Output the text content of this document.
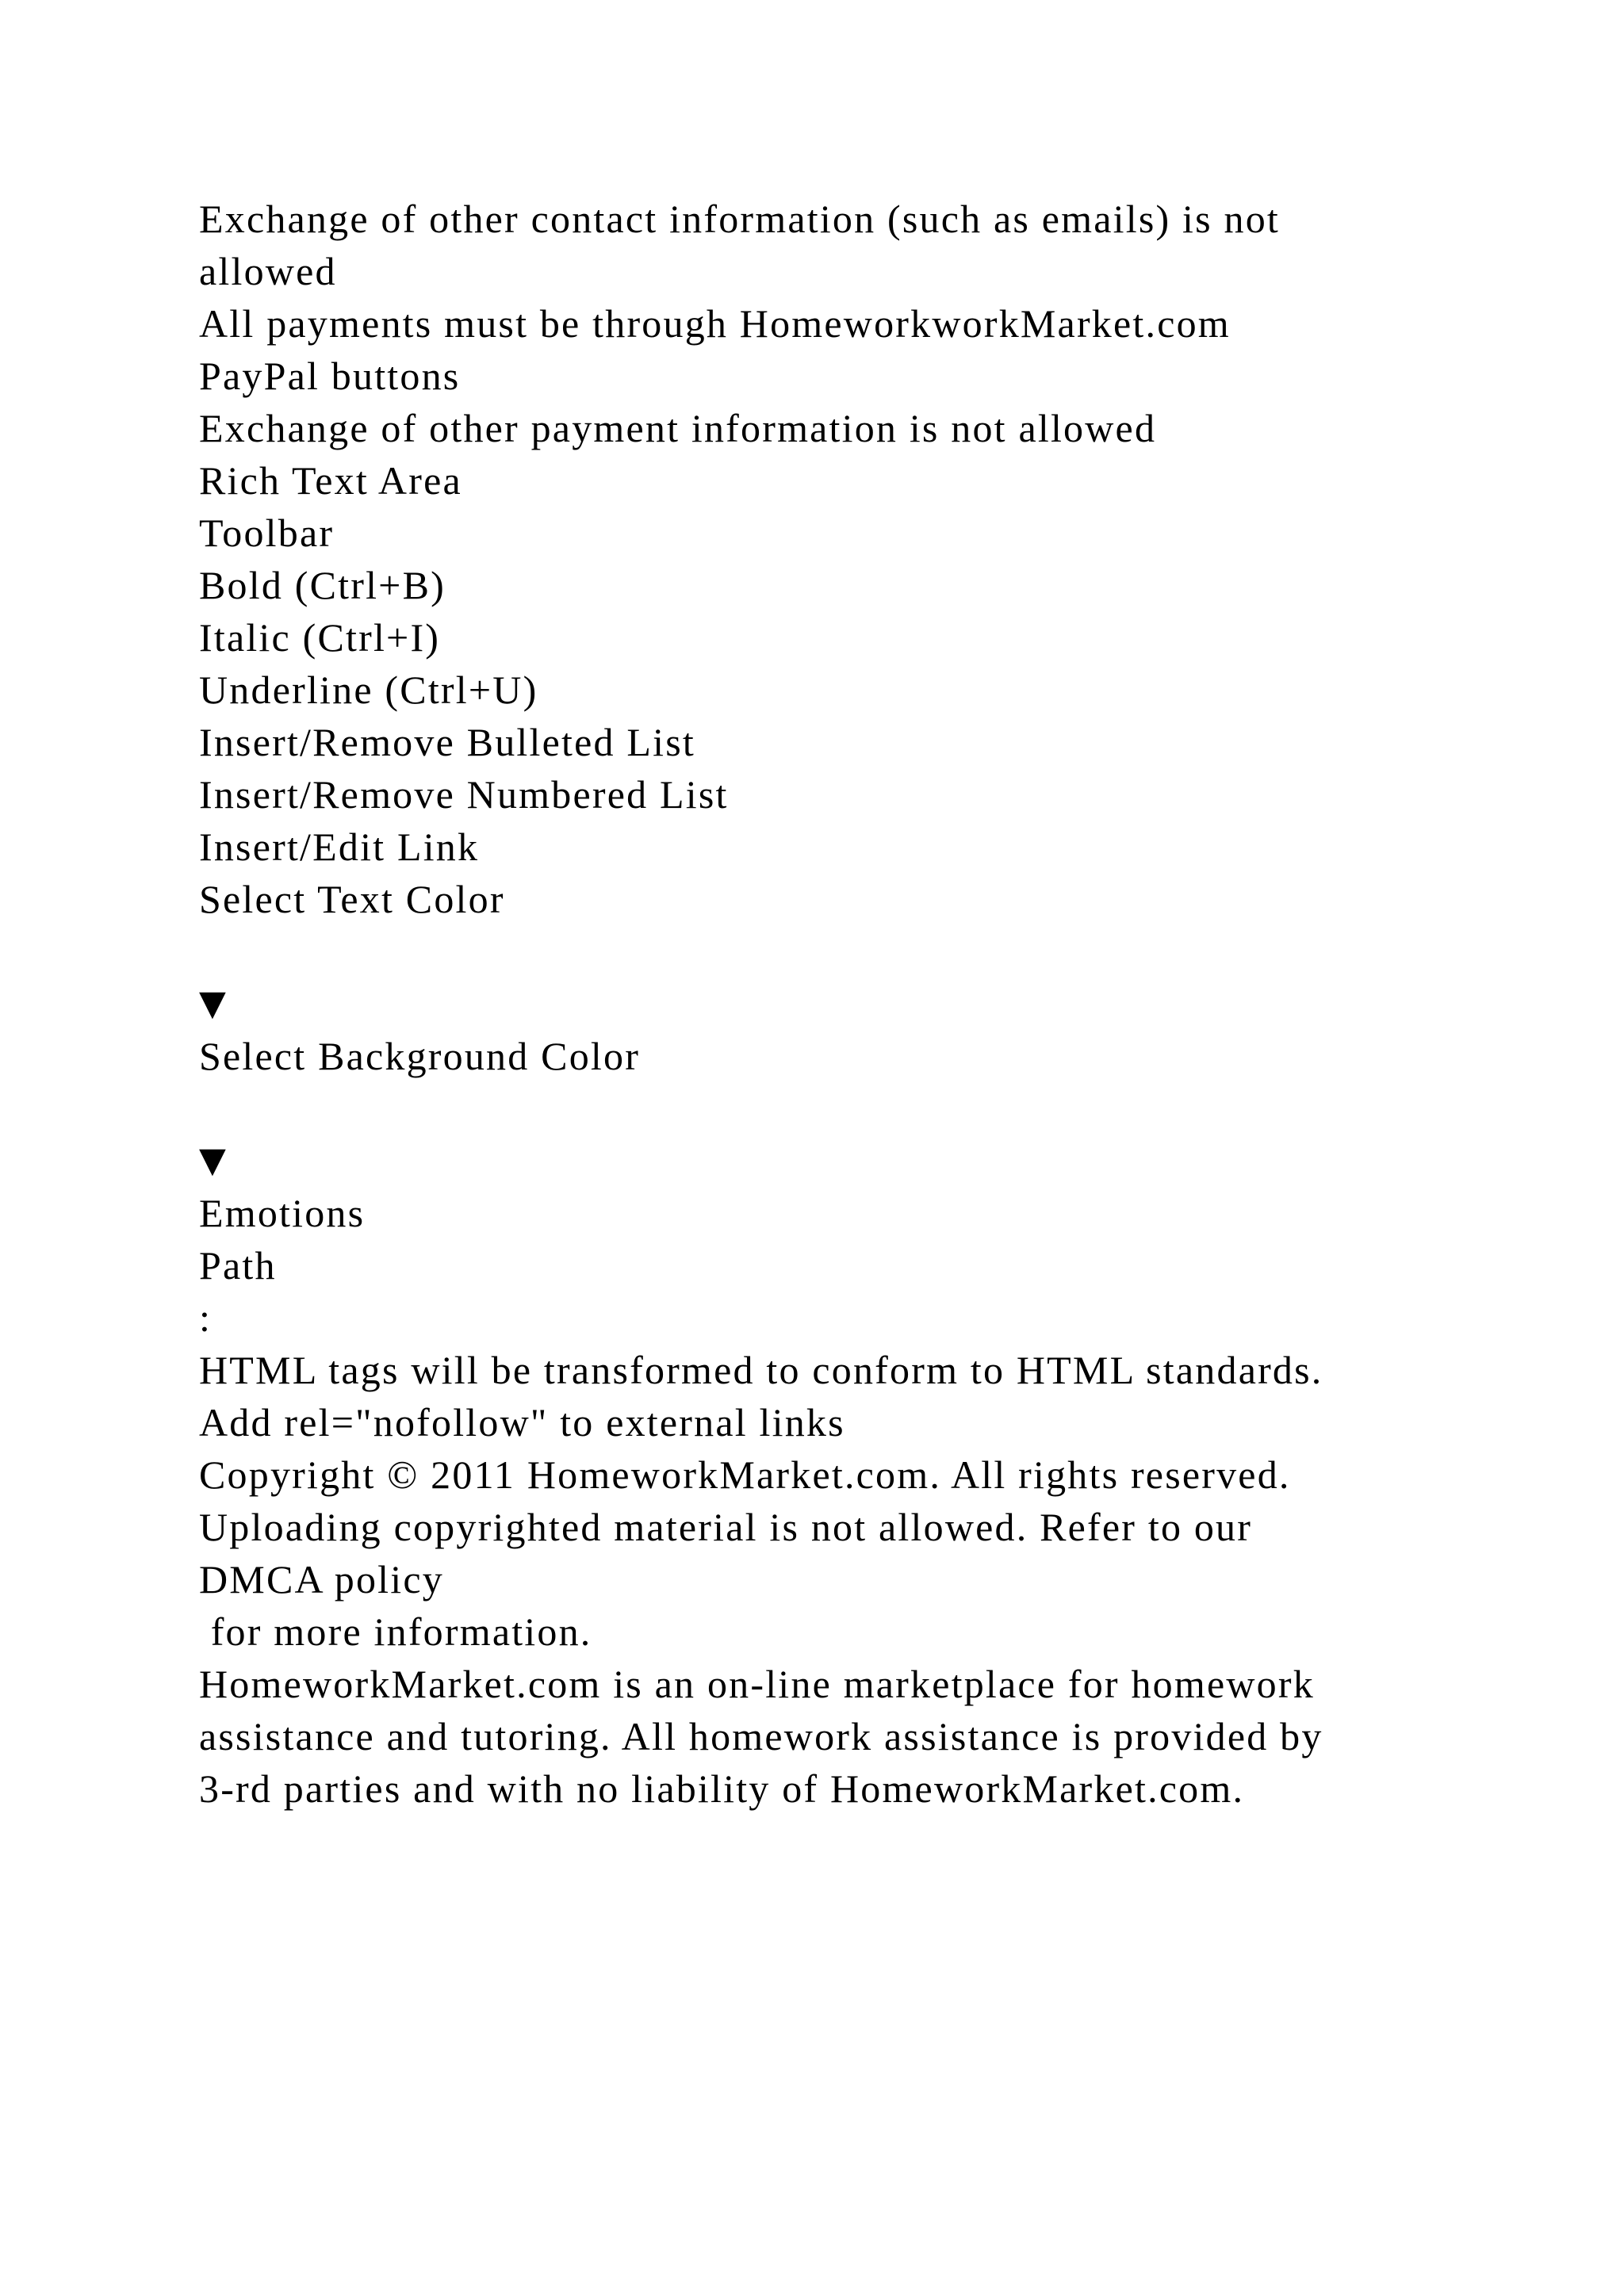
Exchange of other contact information (such as emails) is not
allowed
All payments must be through HomeworkworkMarket.com
PayPal buttons
Exchange of other payment information is not allowed
Rich Text Area
Toolbar
Bold (Ctrl+B)
Italic (Ctrl+I)
Underline (Ctrl+U)
Insert/Remove Bulleted List
Insert/Remove Numbered List
Insert/Edit Link
Select Text Color
▼
Select Background Color
▼
Emotions
Path
:
HTML tags will be transformed to conform to HTML standards.
Add rel="nofollow" to external links
Copyright © 2011 HomeworkMarket.com. All rights reserved.
Uploading copyrighted material is not allowed. Refer to our
DMCA policy
for more information.
HomeworkMarket.com is an on-line marketplace for homework
assistance and tutoring. All homework assistance is provided by
3-rd parties and with no liability of HomeworkMarket.com.
